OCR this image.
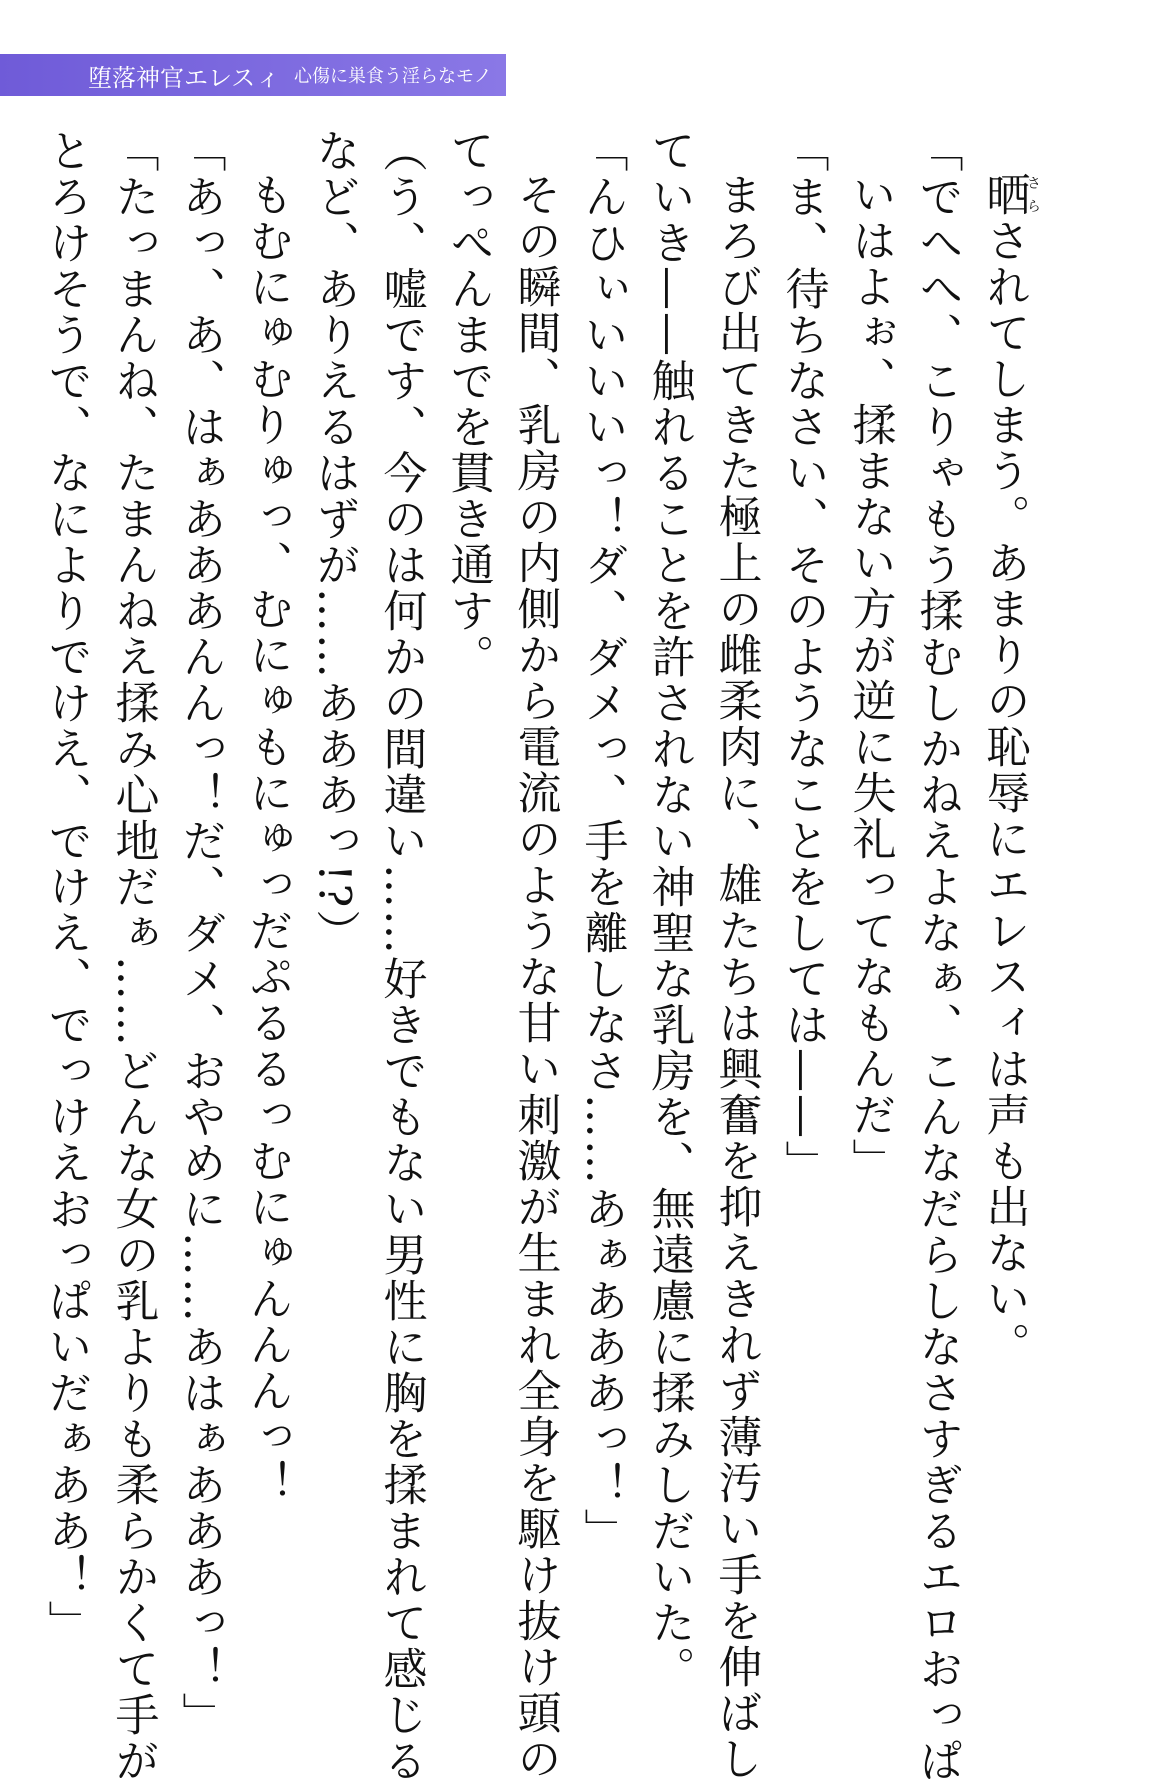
堕落神官エレスィ 心傷に巣食う淫らなモノ
晒さらされてしまう。あまりの恥辱にエレスィは声も出ない。
「でへへ、こりゃもう揉むしかねえよなぁ、こんなだらしなさすぎるエロおっぱ
いはよぉ、揉まない方が逆に失礼ってなもんだ」
「ま、待ちなさい、そのようなことをしては——」
まろび出てきた極上の雌柔肉に、雄たちは興奮を抑えきれず薄汚い手を伸ばし
ていき——触れることを許されない神聖な乳房を、無遠慮に揉みしだいた。
「んひぃいいいっ！ダ、ダメっ、手を離しなさ……あぁあああっ！」
その瞬間、乳房の内側から電流のような甘い刺激が生まれ全身を駆け抜け頭の
てっぺんまでを貫き通す。
（う、嘘です、今のは何かの間違い……好きでもない男性に胸を揉まれて感じる
など、ありえるはずが……あああっ!?）
もむにゅむりゅっ、むにゅもにゅっだぷるるっむにゅんんんっ！
「あっ、あ、はぁあああんんっ！だ、ダメ、おやめに……あはぁあああっ！」
「たっまんね、たまんねえ揉み心地だぁ……どんな女の乳よりも柔らかくて手が
とろけそうで、なによりでけえ、でけえ、でっけえおっぱいだぁああ！」
